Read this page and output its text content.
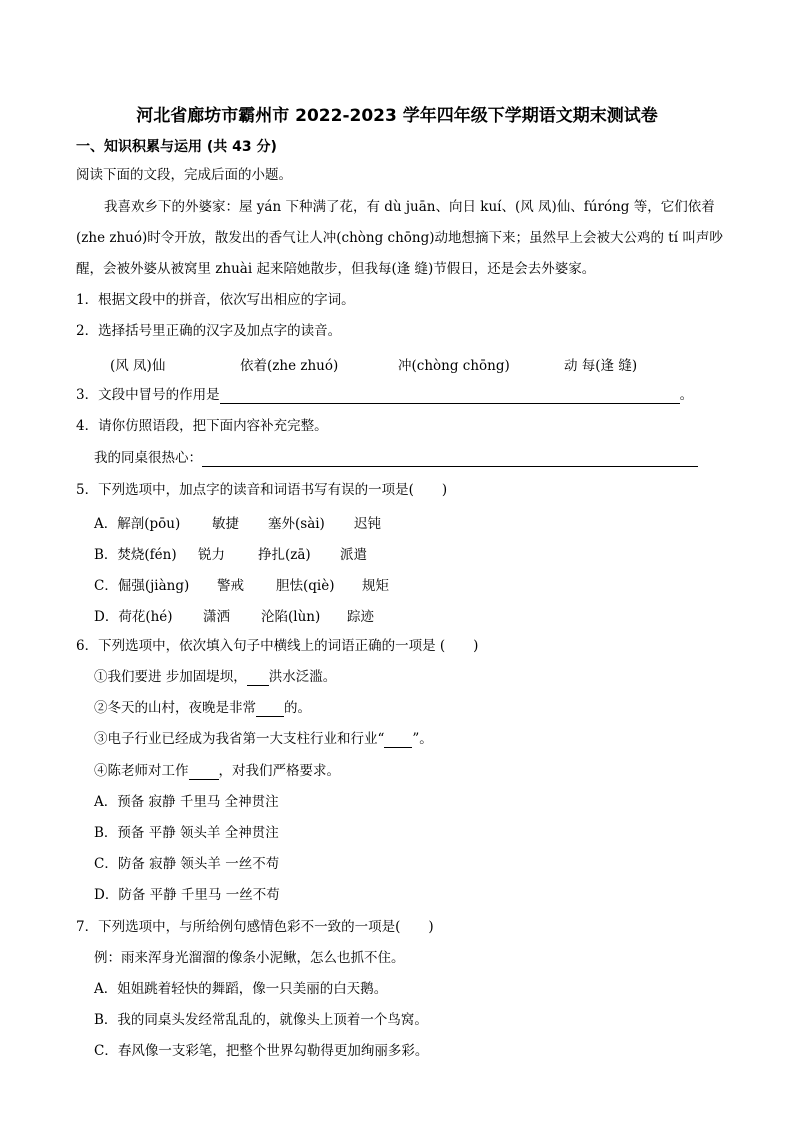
河北省廊坊市霸州市 2022-2023 学年四年级下学期语文期末测试卷
一、知识积累与运用 (共 43 分)
阅读下面的文段，完成后面的小题。
我喜欢乡下的外婆家：屋 yán 下种满了花，有 dù juān、向日 kuí、(风 凤)仙、fúróng 等，它们依着
(zhe zhuó)时令开放，散发出的香气让人冲(chòng chōng)动地想摘下来；虽然早上会被大公鸡的 tí 叫声吵
醒，会被外婆从被窝里 zhuài 起来陪她散步，但我每(逢 缝)节假日，还是会去外婆家。
1．根据文段中的拼音，依次写出相应的字词。
2．选择括号里正确的汉字及加点字的读音。
(风 凤)仙	依着(zhe zhuó)	冲(chòng chōng)	动 每(逢 缝)
3．文段中冒号的作用是	。
4．请你仿照语段，把下面内容补充完整。
我的同桌很热心：
5．下列选项中，加点字的读音和词语书写有误的一项是( )
A．解剖(pōu) 敏捷 塞外(sài) 迟钝
B．焚烧(fén) 锐力 挣扎(zā) 派遣
C．倔强(jiàng) 警戒 胆怯(qiè) 规矩
D．荷花(hé) 潇洒 沦陷(lùn) 踪迹
6．下列选项中，依次填入句子中横线上的词语正确的一项是 ( )
①我们要进 步加固堤坝， 洪水泛滥。
②冬天的山村，夜晚是非常 的。
③电子行业已经成为我省第一大支柱行业和行业“ ”。
④陈老师对工作 ，对我们严格要求。
A．预备 寂静 千里马 全神贯注
B．预备 平静 领头羊 全神贯注
C．防备 寂静 领头羊 一丝不苟
D．防备 平静 千里马 一丝不苟
7．下列选项中，与所给例句感情色彩不一致的一项是( )
例：雨来浑身光溜溜的像条小泥鳅，怎么也抓不住。
A．姐姐跳着轻快的舞蹈，像一只美丽的白天鹅。
B．我的同桌头发经常乱乱的，就像头上顶着一个鸟窝。
C．春风像一支彩笔，把整个世界勾勒得更加绚丽多彩。
